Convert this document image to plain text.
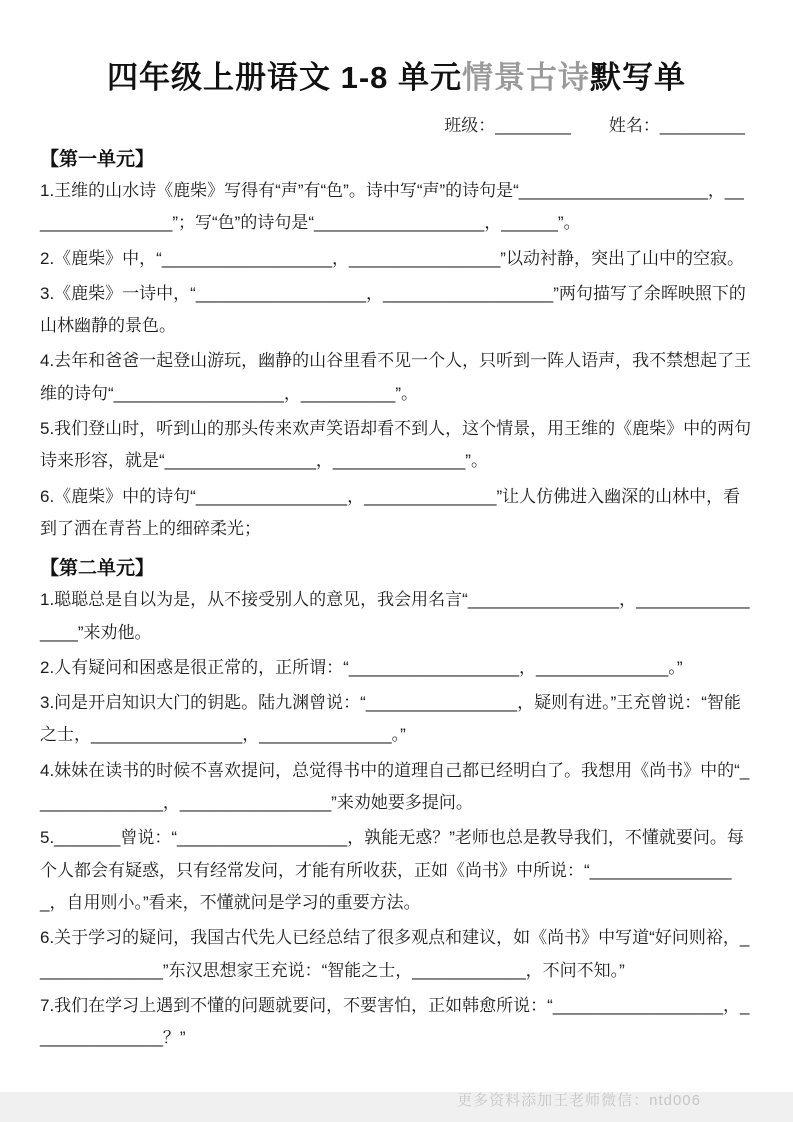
四年级上册语文 1-8 单元情景古诗默写单
班级：________ 姓名：_________
【第一单元】

1.王维的山水诗《鹿柴》写得有“声”有“色”。诗中写“声”的诗句是“____________________，________________”；写“色”的诗句是“__________________，______”。

2.《鹿柴》中，“__________________，________________”以动衬静，突出了山中的空寂。

3.《鹿柴》一诗中，“__________________，__________________”两句描写了余晖映照下的山林幽静的景色。

4.去年和爸爸一起登山游玩，幽静的山谷里看不见一个人，只听到一阵人语声，我不禁想起了王维的诗句“__________________，__________”。

5.我们登山时，听到山的那头传来欢声笑语却看不到人，这个情景，用王维的《鹿柴》中的两句诗来形容，就是“________________，______________”。

6.《鹿柴》中的诗句“________________，______________”让人仿佛进入幽深的山林中，看到了洒在青苔上的细碎柔光；

【第二单元】

1.聪聪总是自以为是，从不接受别人的意见，我会用名言“________________，________________”来劝他。

2.人有疑问和困惑是很正常的，正所谓：“__________________，______________。”

3.问是开启知识大门的钥匙。陆九渊曾说：“________________，疑则有进。”王充曾说：“智能之士，________________，______________。”

4.妹妹在读书的时候不喜欢提问，总觉得书中的道理自己都已经明白了。我想用《尚书》中的“______________，________________”来劝她要多提问。

5._______曾说：“__________________，孰能无惑？”老师也总是教导我们，不懂就要问。每个人都会有疑惑，只有经常发问，才能有所收获，正如《尚书》中所说：“________________，自用则小。”看来，不懂就问是学习的重要方法。

6.关于学习的疑问，我国古代先人已经总结了很多观点和建议，如《尚书》中写道“好问则裕，______________”东汉思想家王充说：“智能之士，____________，不问不知。”

7.我们在学习上遇到不懂的问题就要问，不要害怕，正如韩愈所说：“__________________，______________？”

更多资料添加王老师微信：ntd006
